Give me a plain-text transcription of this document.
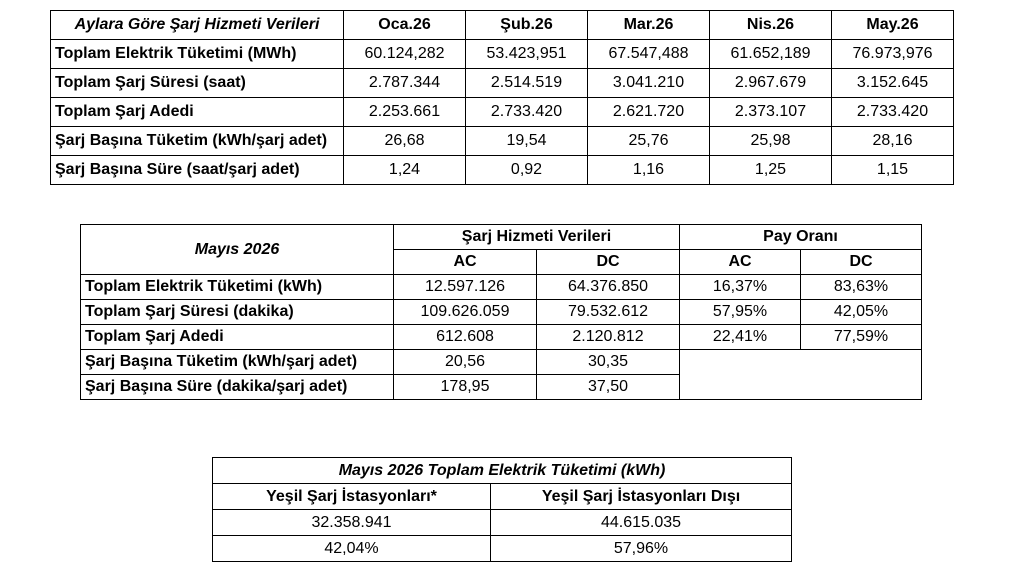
Aylara Göre Şarj Hizmeti Verileri	Oca.26	Şub.26	Mar.26	Nis.26	May.26
Toplam Elektrik Tüketimi (MWh)	60.124,282	53.423,951	67.547,488	61.652,189	76.973,976
Toplam Şarj Süresi (saat)	2.787.344	2.514.519	3.041.210	2.967.679	3.152.645
Toplam Şarj Adedi	2.253.661	2.733.420	2.621.720	2.373.107	2.733.420
Şarj Başına Tüketim (kWh/şarj adet)	26,68	19,54	25,76	25,98	28,16
Şarj Başına Süre (saat/şarj adet)	1,24	0,92	1,16	1,25	1,15
Mayıs 2026	Şarj Hizmeti Verileri		Pay Oranı	
	AC	DC	AC	DC
Toplam Elektrik Tüketimi (kWh)	12.597.126	64.376.850	16,37%	83,63%
Toplam Şarj Süresi (dakika)	109.626.059	79.532.612	57,95%	42,05%
Toplam Şarj Adedi	612.608	2.120.812	22,41%	77,59%
Şarj Başına Tüketim (kWh/şarj adet)	20,56	30,35		
Şarj Başına Süre (dakika/şarj adet)	178,95	37,50		
Mayıs 2026 Toplam Elektrik Tüketimi (kWh)	
Yeşil Şarj İstasyonları*	Yeşil Şarj İstasyonları Dışı
32.358.941	44.615.035
42,04%	57,96%
